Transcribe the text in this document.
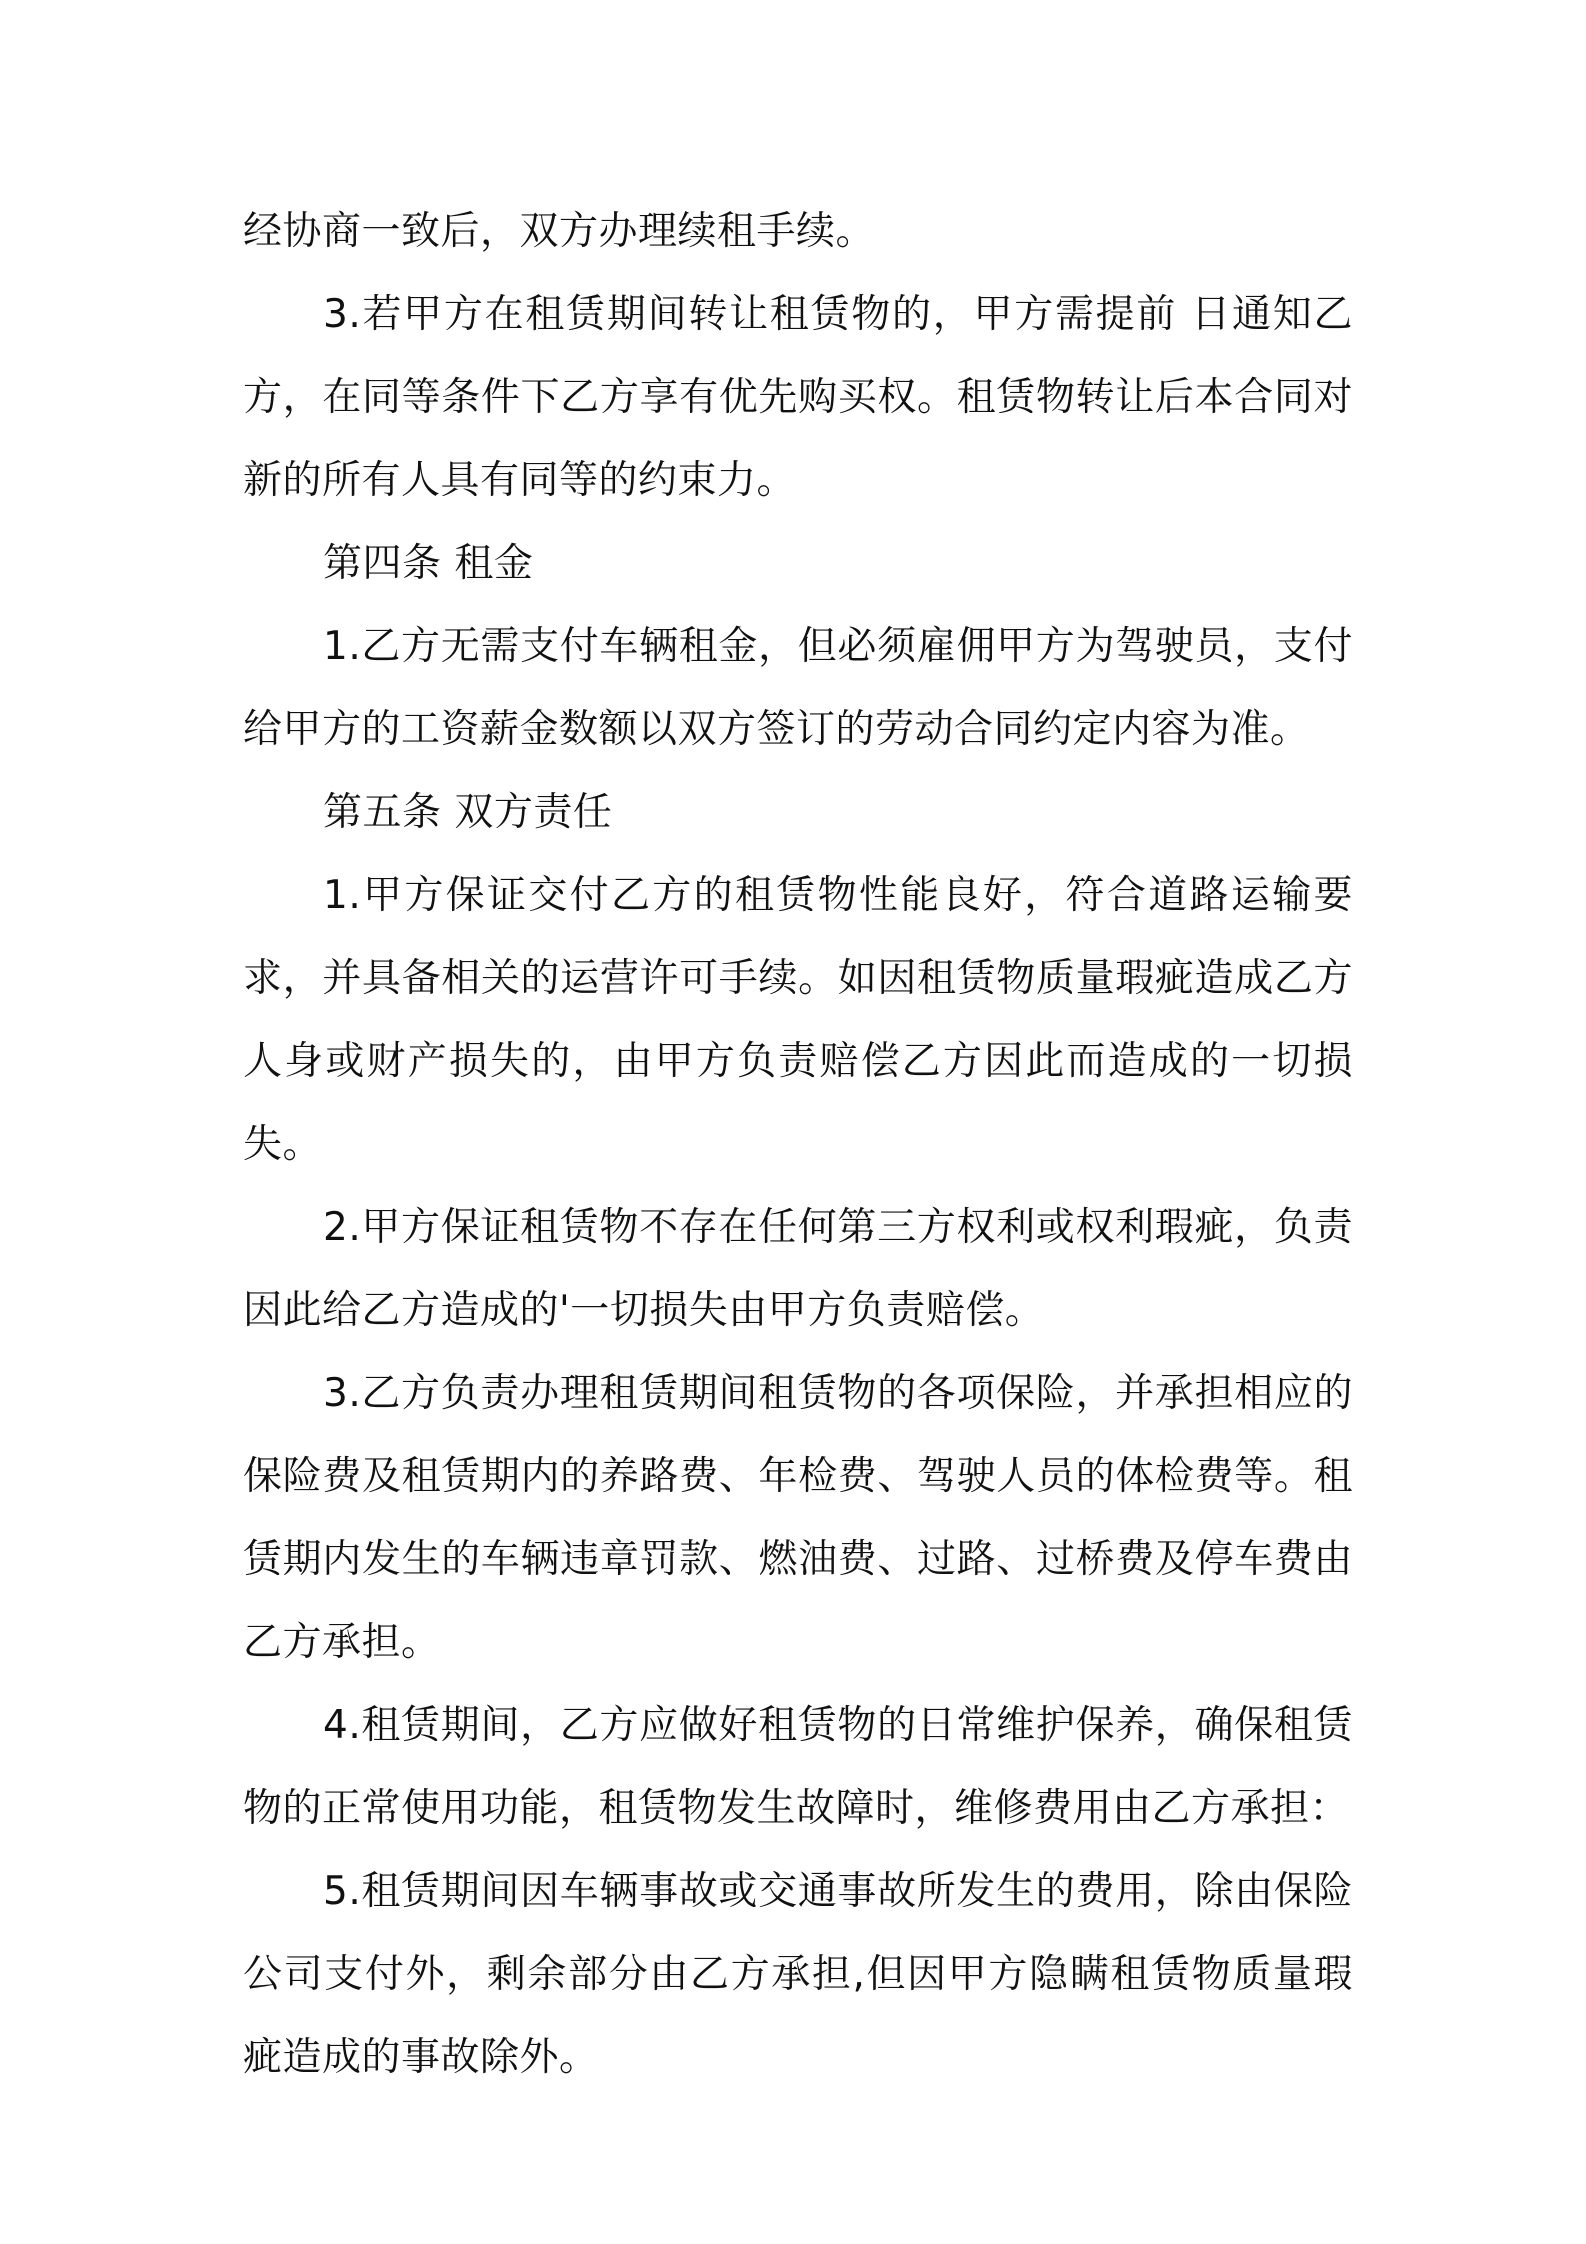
经协商一致后，双方办理续租手续。

3.若甲方在租赁期间转让租赁物的，甲方需提前 日通知乙方，在同等条件下乙方享有优先购买权。租赁物转让后本合同对新的所有人具有同等的约束力。

第四条 租金

1.乙方无需支付车辆租金，但必须雇佣甲方为驾驶员，支付给甲方的工资薪金数额以双方签订的劳动合同约定内容为准。

第五条 双方责任

1.甲方保证交付乙方的租赁物性能良好，符合道路运输要求，并具备相关的运营许可手续。如因租赁物质量瑕疵造成乙方人身或财产损失的，由甲方负责赔偿乙方因此而造成的一切损失。

2.甲方保证租赁物不存在任何第三方权利或权利瑕疵，负责因此给乙方造成的'一切损失由甲方负责赔偿。

3.乙方负责办理租赁期间租赁物的各项保险，并承担相应的保险费及租赁期内的养路费、年检费、驾驶人员的体检费等。租赁期内发生的车辆违章罚款、燃油费、过路、过桥费及停车费由乙方承担。

4.租赁期间，乙方应做好租赁物的日常维护保养，确保租赁物的正常使用功能，租赁物发生故障时，维修费用由乙方承担：

5.租赁期间因车辆事故或交通事故所发生的费用，除由保险公司支付外，剩余部分由乙方承担,但因甲方隐瞒租赁物质量瑕疵造成的事故除外。
